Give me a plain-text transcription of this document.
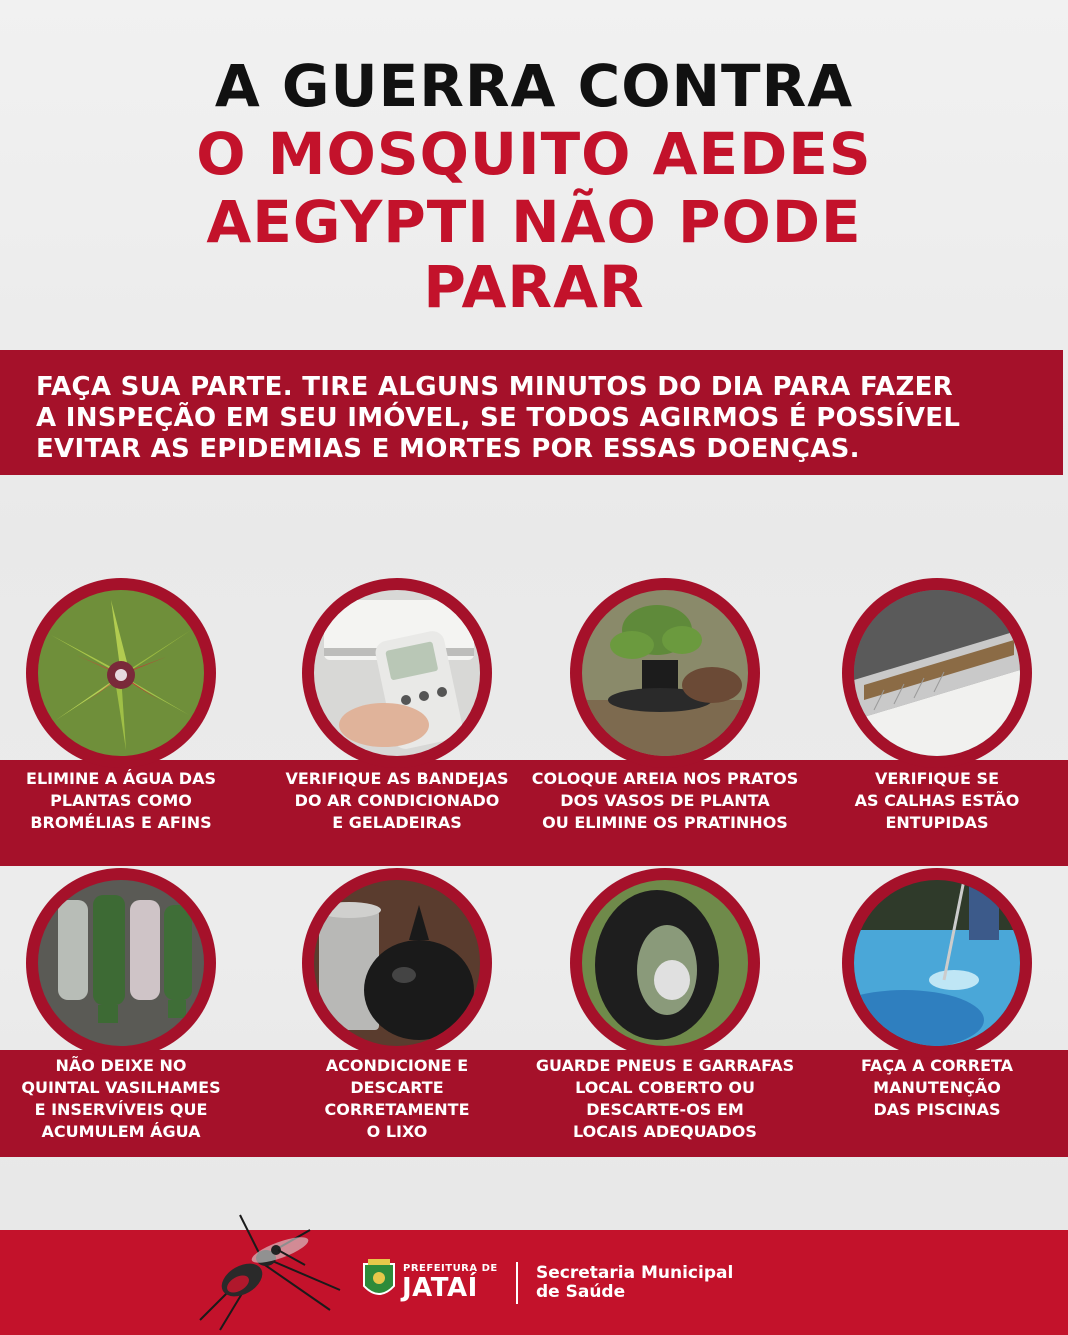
A GUERRA CONTRA
O MOSQUITO AEDES
AEGYPTI NÃO PODE
PARAR
FAÇA SUA PARTE. TIRE ALGUNS MINUTOS DO DIA PARA FAZER
A INSPEÇÃO EM SEU IMÓVEL, SE TODOS AGIRMOS É POSSÍVEL
EVITAR AS EPIDEMIAS E MORTES POR ESSAS DOENÇAS.
ELIMINE A ÁGUA DAS
PLANTAS COMO
BROMÉLIAS E AFINS
VERIFIQUE AS BANDEJAS
DO AR CONDICIONADO
E GELADEIRAS
COLOQUE AREIA NOS PRATOS
DOS VASOS DE PLANTA
OU ELIMINE OS PRATINHOS
VERIFIQUE SE
AS CALHAS ESTÃO
ENTUPIDAS
NÃO DEIXE NO
QUINTAL VASILHAMES
E INSERVÍVEIS QUE
ACUMULEM ÁGUA
ACONDICIONE E
DESCARTE
CORRETAMENTE
O LIXO
GUARDE PNEUS E GARRAFAS
LOCAL COBERTO OU
DESCARTE-OS EM
LOCAIS ADEQUADOS
FAÇA A CORRETA
MANUTENÇÃO
DAS PISCINAS
PREFEITURA DE
JATAÍ	Secretaria Municipal
de Saúde
